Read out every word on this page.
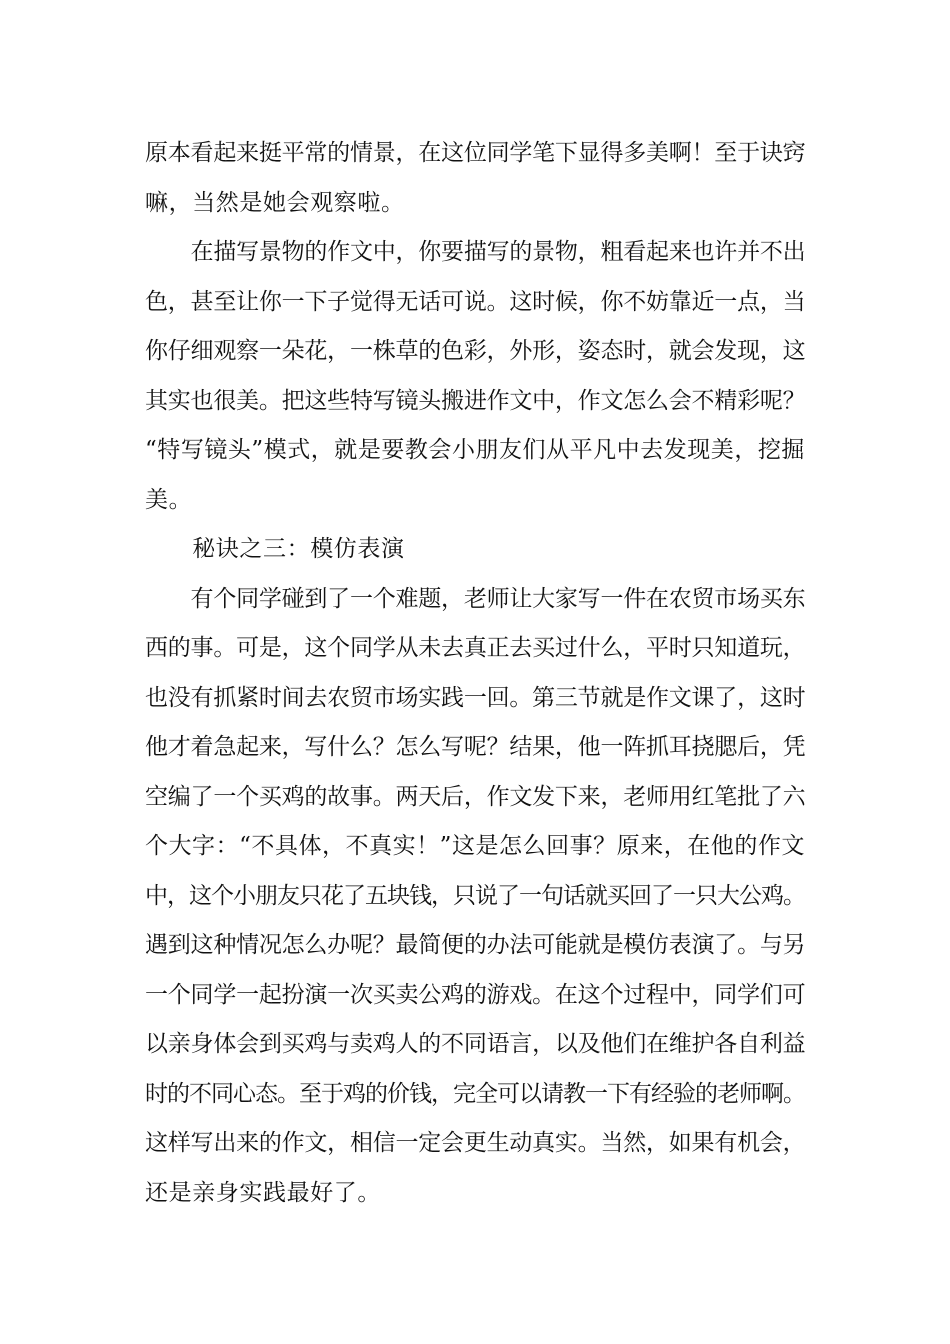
原本看起来挺平常的情景，在这位同学笔下显得多美啊！至于诀窍
嘛，当然是她会观察啦。
　　在描写景物的作文中，你要描写的景物，粗看起来也许并不出
色，甚至让你一下子觉得无话可说。这时候，你不妨靠近一点，当
你仔细观察一朵花，一株草的色彩，外形，姿态时，就会发现，这
其实也很美。把这些特写镜头搬进作文中，作文怎么会不精彩呢？
“特写镜头”模式，就是要教会小朋友们从平凡中去发现美，挖掘
美。
　　秘诀之三：模仿表演
　　有个同学碰到了一个难题，老师让大家写一件在农贸市场买东
西的事。可是，这个同学从未去真正去买过什么，平时只知道玩，
也没有抓紧时间去农贸市场实践一回。第三节就是作文课了，这时
他才着急起来，写什么？怎么写呢？结果，他一阵抓耳挠腮后，凭
空编了一个买鸡的故事。两天后，作文发下来，老师用红笔批了六
个大字：“不具体，不真实！”这是怎么回事？原来，在他的作文
中，这个小朋友只花了五块钱，只说了一句话就买回了一只大公鸡。
遇到这种情况怎么办呢？最简便的办法可能就是模仿表演了。与另
一个同学一起扮演一次买卖公鸡的游戏。在这个过程中，同学们可
以亲身体会到买鸡与卖鸡人的不同语言，以及他们在维护各自利益
时的不同心态。至于鸡的价钱，完全可以请教一下有经验的老师啊。
这样写出来的作文，相信一定会更生动真实。当然，如果有机会，
还是亲身实践最好了。
